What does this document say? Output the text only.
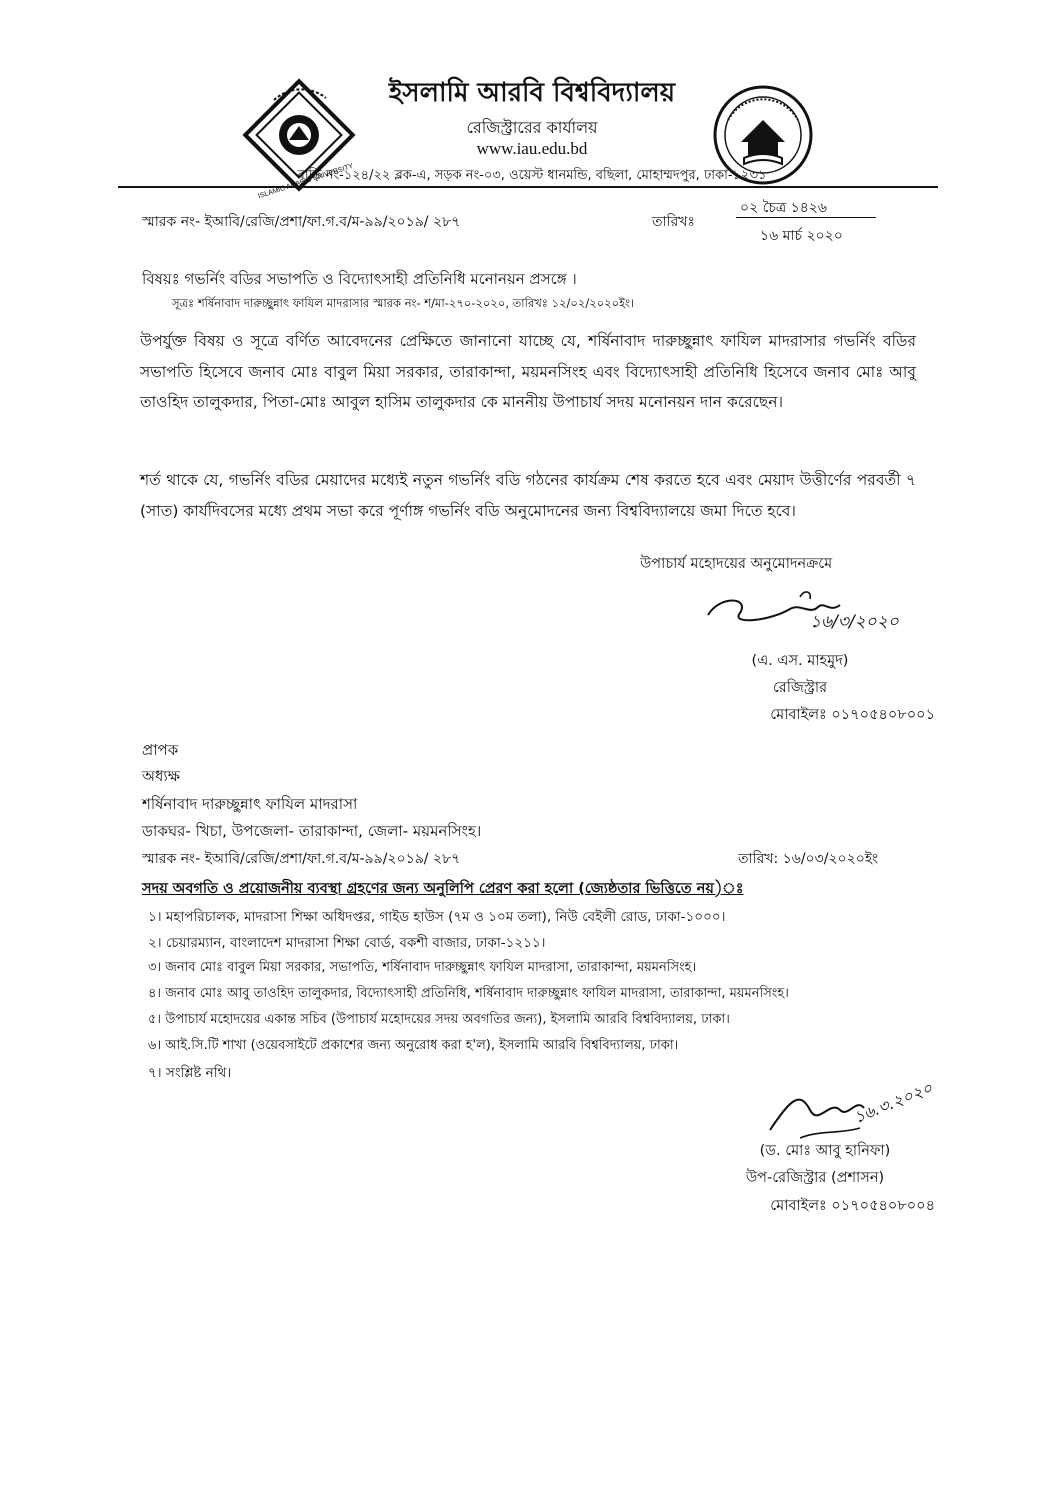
ISLAMIC ARABIC UNIVERSITY
ইসলামি আরবি বিশ্ববিদ্যালয়
রেজিস্ট্রারের কার্যালয়
www.iau.edu.bd
বাড়ি নং-১২৪/২২ ব্লক-এ, সড়ক নং-০৩, ওয়েস্ট ধানমন্ডি, বছিলা, মোহাম্মদপুর, ঢাকা-১২৩১
স্মারক নং- ইআবি/রেজি/প্রশা/ফা.গ.ব/ম-৯৯/২০১৯/ ২৮৭	তারিখঃ
০২ চৈত্র ১৪২৬
১৬ মার্চ ২০২০
বিষয়ঃ গভর্নিং বডির সভাপতি ও বিদ্যোৎসাহী প্রতিনিধি মনোনয়ন প্রসঙ্গে ।
সূত্রঃ শর্ষিনাবাদ দারুচ্ছুন্নাৎ ফাযিল মাদরাসার স্মারক নং- শ/মা-২৭০-২০২০, তারিখঃ ১২/০২/২০২০ইং।
উপর্যুক্ত বিষয় ও সূত্রে বর্ণিত আবেদনের প্রেক্ষিতে জানানো যাচ্ছে যে, শর্ষিনাবাদ দারুচ্ছুন্নাৎ ফাযিল মাদরাসার গভর্নিং বডির সভাপতি হিসেবে জনাব মোঃ বাবুল মিয়া সরকার, তারাকান্দা, ময়মনসিংহ এবং বিদ্যোৎসাহী প্রতিনিধি হিসেবে জনাব মোঃ আবু তাওহিদ তালুকদার, পিতা-মোঃ আবুল হাসিম তালুকদার কে মাননীয় উপাচার্য সদয় মনোনয়ন দান করেছেন।
শর্ত থাকে যে, গভর্নিং বডির মেয়াদের মধ্যেই নতুন গভর্নিং বডি গঠনের কার্যক্রম শেষ করতে হবে এবং মেয়াদ উত্তীর্ণের পরবর্তী ৭ (সাত) কার্যদিবসের মধ্যে প্রথম সভা করে পূর্ণাঙ্গ গভর্নিং বডি অনুমোদনের জন্য বিশ্ববিদ্যালয়ে জমা দিতে হবে।
উপাচার্য মহোদয়ের অনুমোদনক্রমে
১৬/৩/২০২০
(এ. এস. মাহমুদ)
রেজিস্ট্রার
মোবাইলঃ ০১৭০৫৪০৮০০১
প্রাপক
অধ্যক্ষ
শর্ষিনাবাদ দারুচ্ছুন্নাৎ ফাযিল মাদরাসা
ডাকঘর- খিচা, উপজেলা- তারাকান্দা, জেলা- ময়মনসিংহ।
স্মারক নং- ইআবি/রেজি/প্রশা/ফা.গ.ব/ম-৯৯/২০১৯/ ২৮৭	তারিখ: ১৬/০৩/২০২০ইং
সদয় অবগতি ও প্রয়োজনীয় ব্যবস্থা গ্রহণের জন্য অনুলিপি প্রেরণ করা হলো (জ্যেষ্ঠতার ভিত্তিতে নয়)ঃ
১। মহাপরিচালক, মাদরাসা শিক্ষা অধিদপ্তর, গাইড হাউস (৭ম ও ১০ম তলা), নিউ বেইলী রোড, ঢাকা-১০০০।
২। চেয়ারম্যান, বাংলাদেশ মাদরাসা শিক্ষা বোর্ড, বকশী বাজার, ঢাকা-১২১১।
৩। জনাব মোঃ বাবুল মিয়া সরকার, সভাপতি, শর্ষিনাবাদ দারুচ্ছুন্নাৎ ফাযিল মাদরাসা, তারাকান্দা, ময়মনসিংহ।
৪। জনাব মোঃ আবু তাওহিদ তালুকদার, বিদ্যোৎসাহী প্রতিনিধি, শর্ষিনাবাদ দারুচ্ছুন্নাৎ ফাযিল মাদরাসা, তারাকান্দা, ময়মনসিংহ।
৫। উপাচার্য মহোদয়ের একান্ত সচিব (উপাচার্য মহোদয়ের সদয় অবগতির জন্য), ইসলামি আরবি বিশ্ববিদ্যালয়, ঢাকা।
৬। আই.সি.টি শাখা (ওয়েবসাইটে প্রকাশের জন্য অনুরোধ করা হ'ল), ইসলামি আরবি বিশ্ববিদ্যালয়, ঢাকা।
৭। সংশ্লিষ্ট নথি।
১৬.৩.২০২০
(ড. মোঃ আবু হানিফা)
উপ-রেজিস্ট্রার (প্রশাসন)
মোবাইলঃ ০১৭০৫৪০৮০০৪
